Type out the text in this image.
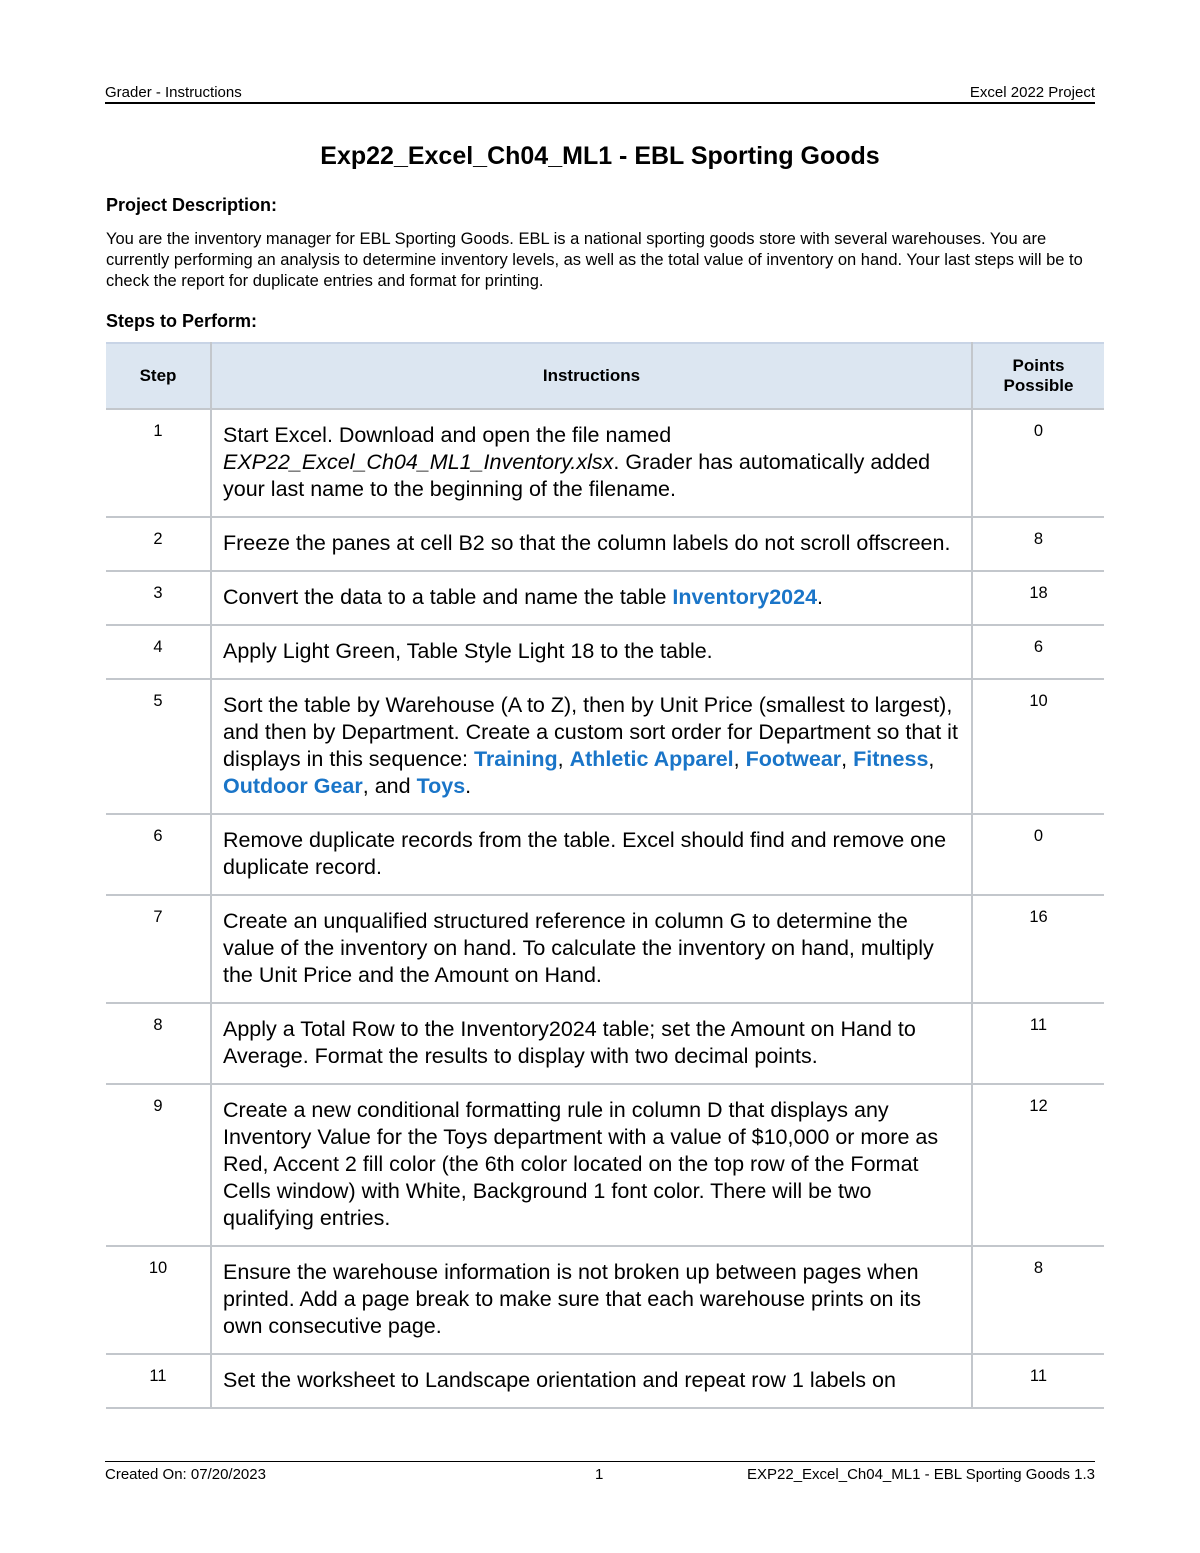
Grader - Instructions	Excel 2022 Project
Exp22_Excel_Ch04_ML1 - EBL Sporting Goods
Project Description:
You are the inventory manager for EBL Sporting Goods. EBL is a national sporting goods store with several warehouses. You are currently performing an analysis to determine inventory levels, as well as the total value of inventory on hand. Your last steps will be to check the report for duplicate entries and format for printing.
Steps to Perform:
Step	Instructions	Points Possible
1	Start Excel. Download and open the file named EXP22_Excel_Ch04_ML1_Inventory.xlsx. Grader has automatically added your last name to the beginning of the filename.	0
2	Freeze the panes at cell B2 so that the column labels do not scroll offscreen.	8
3	Convert the data to a table and name the table Inventory2024.	18
4	Apply Light Green, Table Style Light 18 to the table.	6
5	Sort the table by Warehouse (A to Z), then by Unit Price (smallest to largest), and then by Department. Create a custom sort order for Department so that it displays in this sequence: Training, Athletic Apparel, Footwear, Fitness, Outdoor Gear, and Toys.	10
6	Remove duplicate records from the table. Excel should find and remove one duplicate record.	0
7	Create an unqualified structured reference in column G to determine the value of the inventory on hand. To calculate the inventory on hand, multiply the Unit Price and the Amount on Hand.	16
8	Apply a Total Row to the Inventory2024 table; set the Amount on Hand to Average. Format the results to display with two decimal points.	11
9	Create a new conditional formatting rule in column D that displays any Inventory Value for the Toys department with a value of $10,000 or more as Red, Accent 2 fill color (the 6th color located on the top row of the Format Cells window) with White, Background 1 font color. There will be two qualifying entries.	12
10	Ensure the warehouse information is not broken up between pages when printed. Add a page break to make sure that each warehouse prints on its own consecutive page.	8
11	Set the worksheet to Landscape orientation and repeat row 1 labels on	11
Created On: 07/20/2023	1	EXP22_Excel_Ch04_ML1 - EBL Sporting Goods 1.3
